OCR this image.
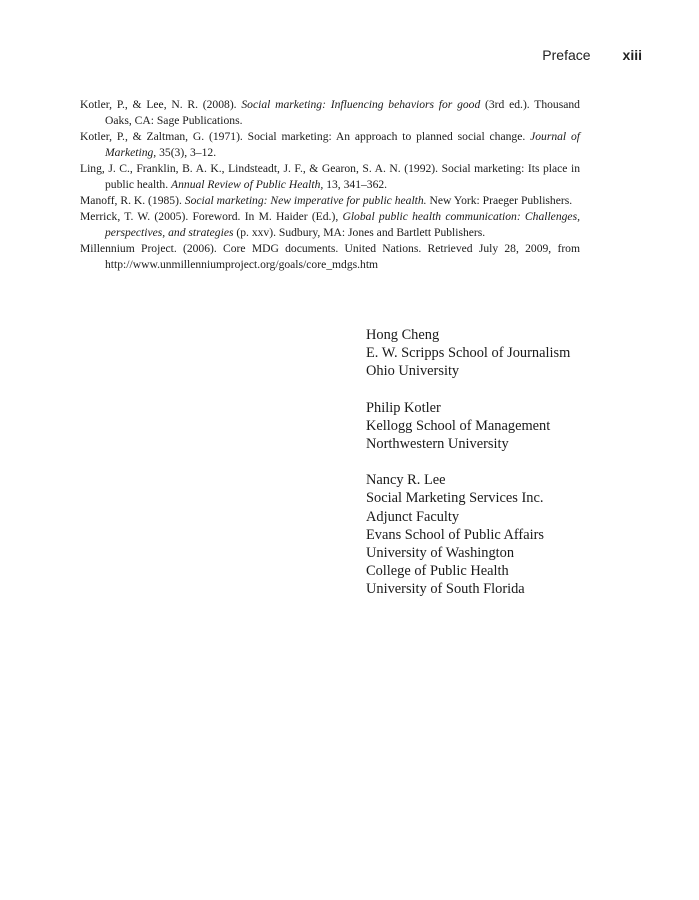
Preface xiii

Kotler, P., & Lee, N. R. (2008). Social marketing: Influencing behaviors for good (3rd ed.). Thousand Oaks, CA: Sage Publications.

Kotler, P., & Zaltman, G. (1971). Social marketing: An approach to planned social change. Journal of Marketing, 35(3), 3–12.

Ling, J. C., Franklin, B. A. K., Lindsteadt, J. F., & Gearon, S. A. N. (1992). Social marketing: Its place in public health. Annual Review of Public Health, 13, 341–362.

Manoff, R. K. (1985). Social marketing: New imperative for public health. New York: Praeger Publishers.

Merrick, T. W. (2005). Foreword. In M. Haider (Ed.), Global public health communication: Challenges, perspectives, and strategies (p. xxv). Sudbury, MA: Jones and Bartlett Publishers.

Millennium Project. (2006). Core MDG documents. United Nations. Retrieved July 28, 2009, from http://www.unmillenniumproject.org/goals/core_mdgs.htm

Hong Cheng
E. W. Scripps School of Journalism
Ohio University
Philip Kotler
Kellogg School of Management
Northwestern University
Nancy R. Lee
Social Marketing Services Inc.
Adjunct Faculty
Evans School of Public Affairs
University of Washington
College of Public Health
University of South Florida
